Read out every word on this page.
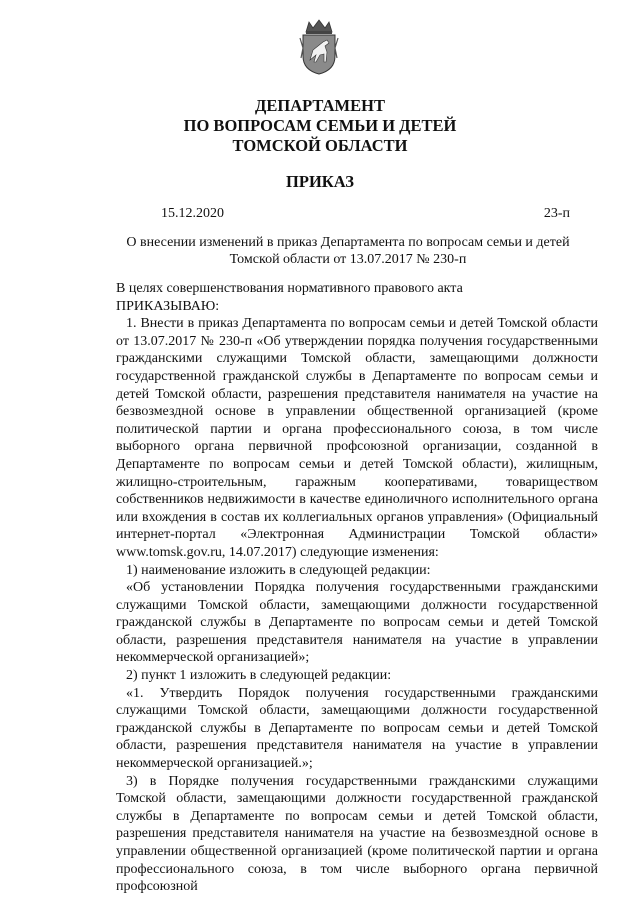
ДЕПАРТАМЕНТ
ПО ВОПРОСАМ СЕМЬИ И ДЕТЕЙ
ТОМСКОЙ ОБЛАСТИ
ПРИКАЗ
15.12.2020	23-п
О внесении изменений в приказ Департамента по вопросам семьи и детей
Томской области от 13.07.2017 № 230-п

В целях совершенствования нормативного правового акта

ПРИКАЗЫВАЮ:

1. Внести в приказ Департамента по вопросам семьи и детей Томской области от 13.07.2017 № 230-п «Об утверждении порядка получения государственными гражданскими служащими Томской области, замещающими должности государственной гражданской службы в Департаменте по вопросам семьи и детей Томской области, разрешения представителя нанимателя на участие на безвозмездной основе в управлении общественной организацией (кроме политической партии и органа профессионального союза, в том числе выборного органа первичной профсоюзной организации, созданной в Департаменте по вопросам семьи и детей Томской области), жилищным, жилищно-строительным, гаражным кооперативами, товариществом собственников недвижимости в качестве единоличного исполнительного органа или вхождения в состав их коллегиальных органов управления» (Официальный интернет-портал «Электронная Администрации Томской области» www.tomsk.gov.ru, 14.07.2017) следующие изменения:

1) наименование изложить в следующей редакции:

«Об установлении Порядка получения государственными гражданскими служащими Томской области, замещающими должности государственной гражданской службы в Департаменте по вопросам семьи и детей Томской области, разрешения представителя нанимателя на участие в управлении некоммерческой организацией»;

2) пункт 1 изложить в следующей редакции:

«1. Утвердить Порядок получения государственными гражданскими служащими Томской области, замещающими должности государственной гражданской службы в Департаменте по вопросам семьи и детей Томской области, разрешения представителя нанимателя на участие в управлении некоммерческой организацией.»;

3) в Порядке получения государственными гражданскими служащими Томской области, замещающими должности государственной гражданской службы в Департаменте по вопросам семьи и детей Томской области, разрешения представителя нанимателя на участие на безвозмездной основе в управлении общественной организацией (кроме политической партии и органа профессионального союза, в том числе выборного органа первичной профсоюзной
